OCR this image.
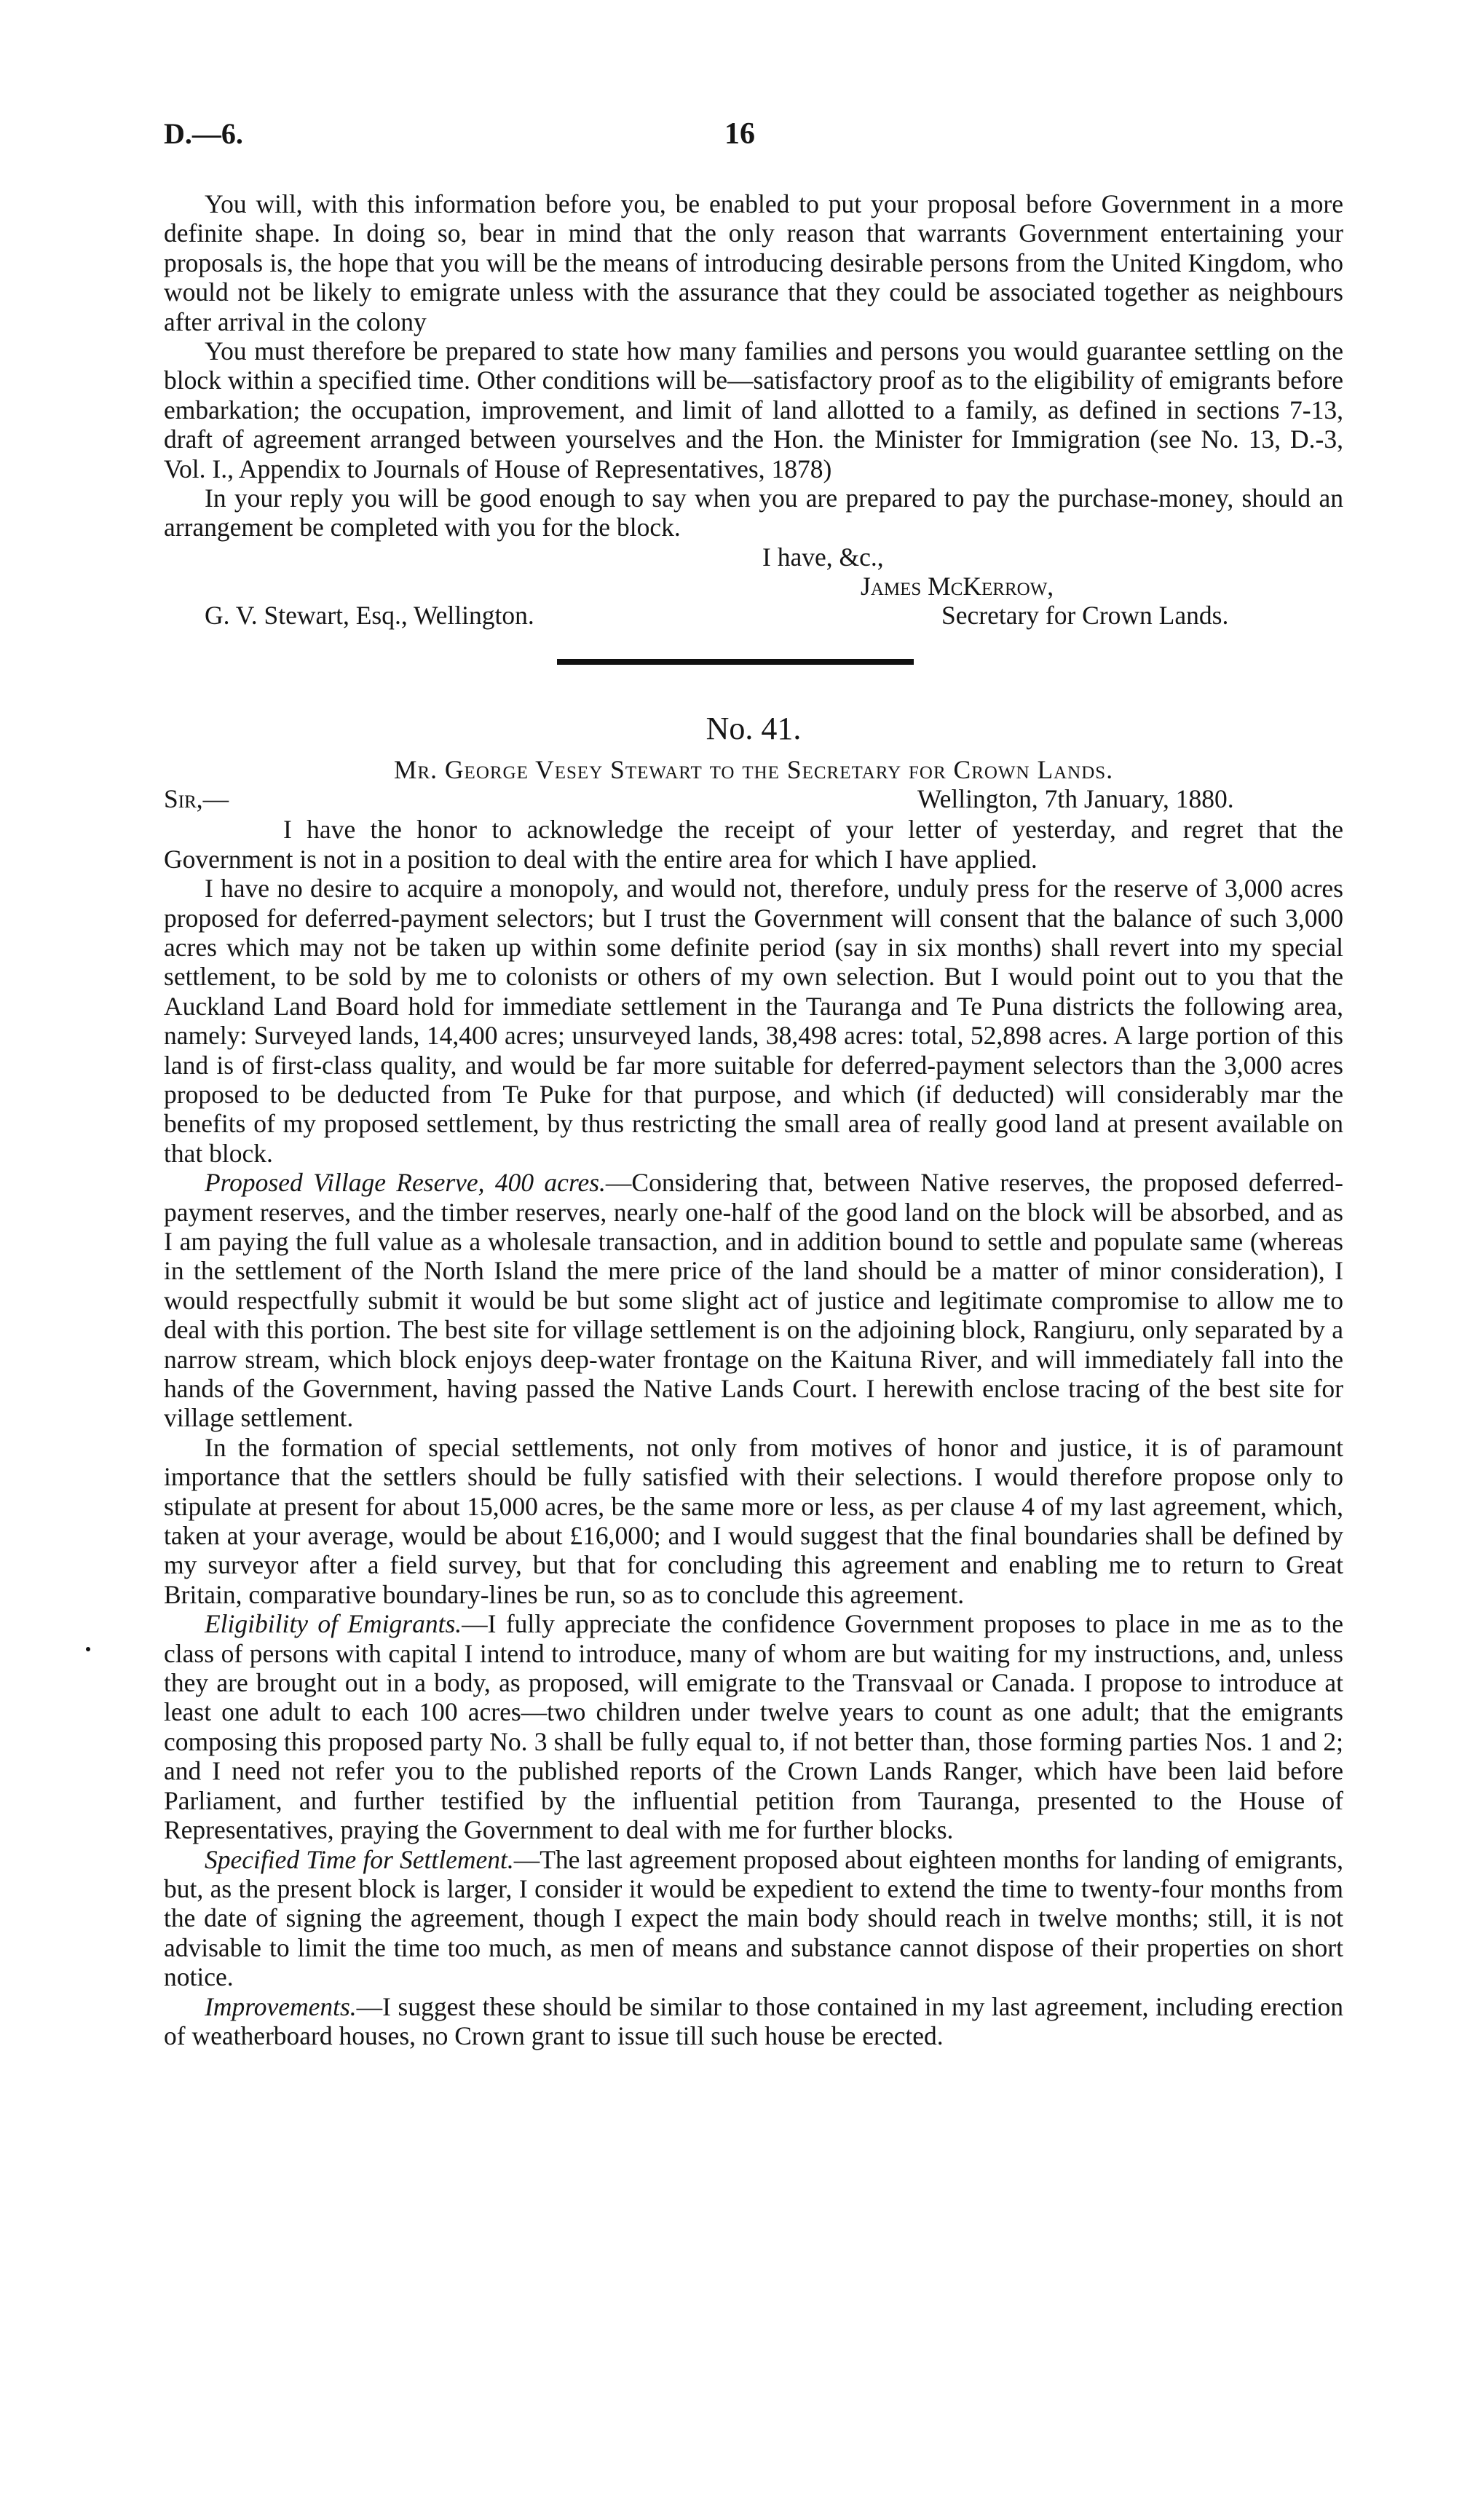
D.—6.	16

You will, with this information before you, be enabled to put your proposal before Government in a more definite shape. In doing so, bear in mind that the only reason that warrants Government entertaining your proposals is, the hope that you will be the means of introducing desirable persons from the United Kingdom, who would not be likely to emigrate unless with the assurance that they could be associated together as neighbours after arrival in the colony

You must therefore be prepared to state how many families and persons you would guarantee settling on the block within a specified time. Other conditions will be—satisfactory proof as to the eligibility of emigrants before embarkation; the occupation, improvement, and limit of land allotted to a family, as defined in sections 7-13, draft of agreement arranged between yourselves and the Hon. the Minister for Immigration (see No. 13, D.-3, Vol. I., Appendix to Journals of House of Representatives, 1878)

In your reply you will be good enough to say when you are prepared to pay the purchase-money, should an arrangement be completed with you for the block.

I have, &c.,
James McKerrow,
G. V. Stewart, Esq., Wellington.	Secretary for Crown Lands.
No. 41.
Mr. George Vesey Stewart to the Secretary for Crown Lands.
Sir,—	Wellington, 7th January, 1880.

I have the honor to acknowledge the receipt of your letter of yesterday, and regret that the Government is not in a position to deal with the entire area for which I have applied.

I have no desire to acquire a monopoly, and would not, therefore, unduly press for the reserve of 3,000 acres proposed for deferred-payment selectors; but I trust the Government will consent that the balance of such 3,000 acres which may not be taken up within some definite period (say in six months) shall revert into my special settlement, to be sold by me to colonists or others of my own selection. But I would point out to you that the Auckland Land Board hold for immediate settlement in the Tauranga and Te Puna districts the following area, namely: Surveyed lands, 14,400 acres; unsurveyed lands, 38,498 acres: total, 52,898 acres. A large portion of this land is of first-class quality, and would be far more suitable for deferred-payment selectors than the 3,000 acres proposed to be deducted from Te Puke for that purpose, and which (if deducted) will considerably mar the benefits of my proposed settlement, by thus restricting the small area of really good land at present available on that block.

Proposed Village Reserve, 400 acres.—Considering that, between Native reserves, the proposed deferred-payment reserves, and the timber reserves, nearly one-half of the good land on the block will be absorbed, and as I am paying the full value as a wholesale transaction, and in addition bound to settle and populate same (whereas in the settlement of the North Island the mere price of the land should be a matter of minor consideration), I would respectfully submit it would be but some slight act of justice and legitimate compromise to allow me to deal with this portion. The best site for village settlement is on the adjoining block, Rangiuru, only separated by a narrow stream, which block enjoys deep-water frontage on the Kaituna River, and will immediately fall into the hands of the Government, having passed the Native Lands Court. I herewith enclose tracing of the best site for village settlement.

In the formation of special settlements, not only from motives of honor and justice, it is of paramount importance that the settlers should be fully satisfied with their selections. I would therefore propose only to stipulate at present for about 15,000 acres, be the same more or less, as per clause 4 of my last agreement, which, taken at your average, would be about £16,000; and I would suggest that the final boundaries shall be defined by my surveyor after a field survey, but that for concluding this agreement and enabling me to return to Great Britain, comparative boundary-lines be run, so as to conclude this agreement.

Eligibility of Emigrants.—I fully appreciate the confidence Government proposes to place in me as to the class of persons with capital I intend to introduce, many of whom are but waiting for my instructions, and, unless they are brought out in a body, as proposed, will emigrate to the Transvaal or Canada. I propose to introduce at least one adult to each 100 acres—two children under twelve years to count as one adult; that the emigrants composing this proposed party No. 3 shall be fully equal to, if not better than, those forming parties Nos. 1 and 2; and I need not refer you to the published reports of the Crown Lands Ranger, which have been laid before Parliament, and further testified by the influential petition from Tauranga, presented to the House of Representatives, praying the Government to deal with me for further blocks.

Specified Time for Settlement.—The last agreement proposed about eighteen months for landing of emigrants, but, as the present block is larger, I consider it would be expedient to extend the time to twenty-four months from the date of signing the agreement, though I expect the main body should reach in twelve months; still, it is not advisable to limit the time too much, as men of means and substance cannot dispose of their properties on short notice.

Improvements.—I suggest these should be similar to those contained in my last agreement, including erection of weatherboard houses, no Crown grant to issue till such house be erected.
